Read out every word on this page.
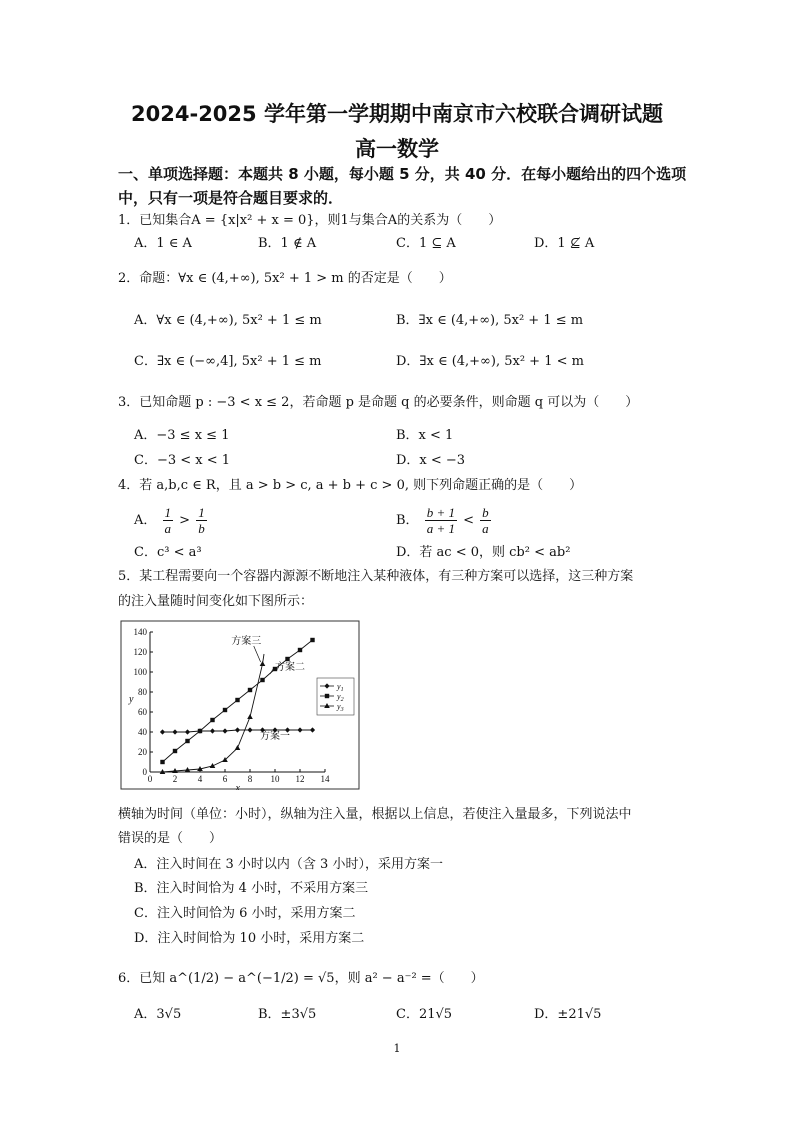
2024-2025 学年第一学期期中南京市六校联合调研试题
高一数学
一、单项选择题：本题共 8 小题，每小题 5 分，共 40 分．在每小题给出的四个选项中，只有一项是符合题目要求的．
1．已知集合A = {x|x² + x = 0}，则1与集合A的关系为（　　）
A．1 ∈ A	B．1 ∉ A	C．1 ⊆ A	D．1 ⊈ A
2．命题：∀x ∈ (4,+∞), 5x² + 1 > m 的否定是（　　）
A．∀x ∈ (4,+∞), 5x² + 1 ≤ m	B．∃x ∈ (4,+∞), 5x² + 1 ≤ m
C．∃x ∈ (−∞,4], 5x² + 1 ≤ m	D．∃x ∈ (4,+∞), 5x² + 1 < m
3．已知命题 p : −3 < x ≤ 2，若命题 p 是命题 q 的必要条件，则命题 q 可以为（　　）
A．−3 ≤ x ≤ 1	B．x < 1
C．−3 < x < 1	D．x < −3
4．若 a,b,c ∈ R，且 a > b > c, a + b + c > 0, 则下列命题正确的是（　　）
A． $\frac{1}{a} > \frac{1}{b}$	B． $\frac{b + 1}{a + 1} < \frac{b}{a}$
C．c³ < a³	D．若 ac < 0，则 cb² < ab²
5．某工程需要向一个容器内源源不断地注入某种液体，有三种方案可以选择，这三种方案
的注入量随时间变化如下图所示：
0 2 4 6 8 10 12 14
0
20
40
60
80
100
120
140
x
y
$y_1$
$y_2$
$y_3$
方案一
方案二
方案三
横轴为时间（单位：小时），纵轴为注入量，根据以上信息，若使注入量最多，下列说法中
错误的是（　　）
A．注入时间在 3 小时以内（含 3 小时），采用方案一
B．注入时间恰为 4 小时，不采用方案三
C．注入时间恰为 6 小时，采用方案二
D．注入时间恰为 10 小时，采用方案二
6．已知 a^(1/2) − a^(−1/2) = √5，则 a² − a⁻² =（　　）
A．3√5	B．±3√5	C．21√5	D．±21√5
1
